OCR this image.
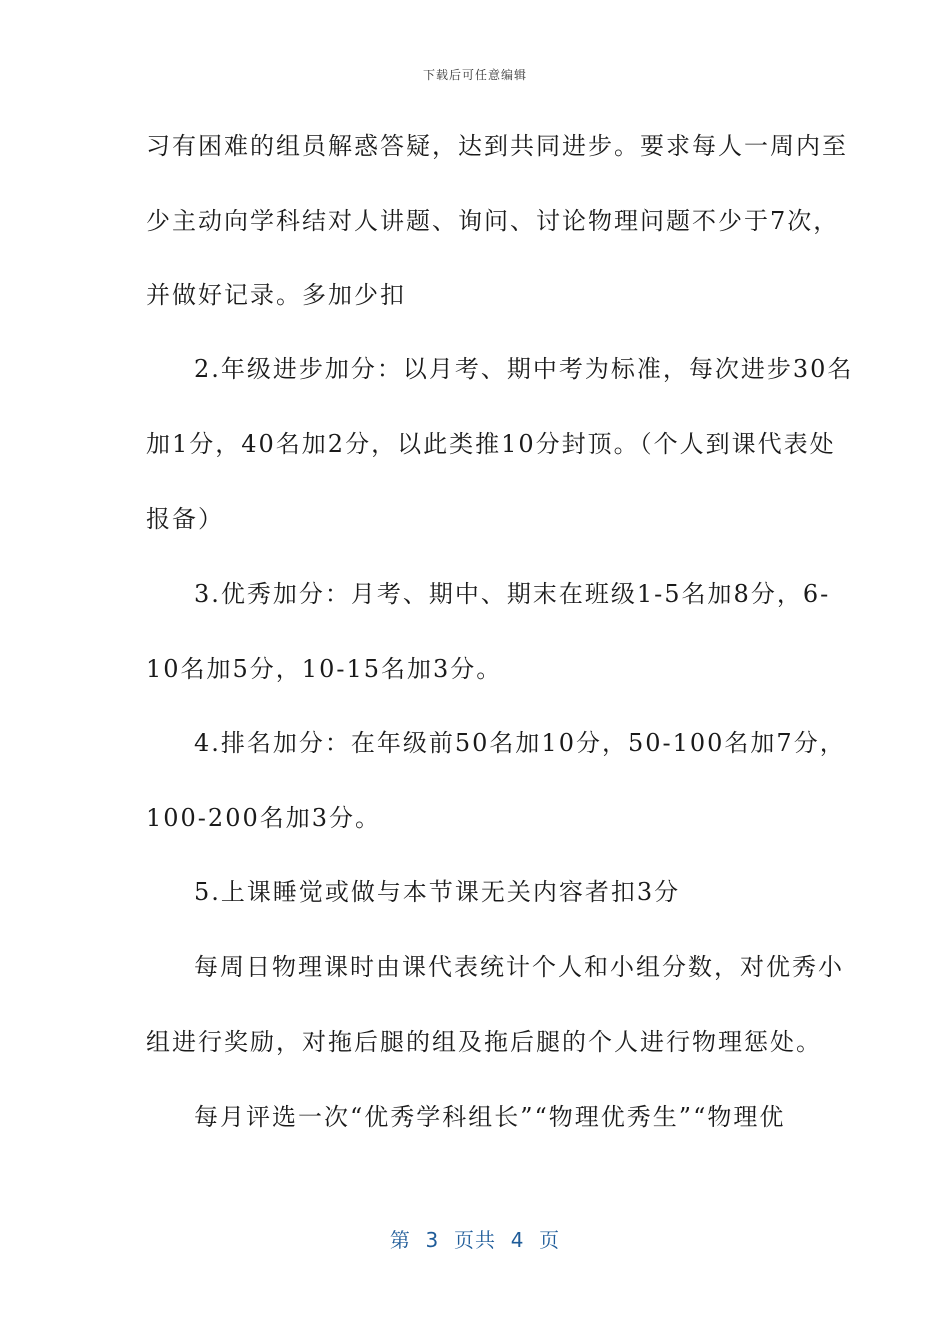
下载后可任意编辑
习有困难的组员解惑答疑，达到共同进步。要求每人一周内至
少主动向学科结对人讲题、询问、讨论物理问题不少于7次，
并做好记录。多加少扣
2.年级进步加分：以月考、期中考为标准，每次进步30名
加1分，40名加2分，以此类推10分封顶。（个人到课代表处
报备）
3.优秀加分：月考、期中、期末在班级1-5名加8分，6-
10名加5分，10-15名加3分。
4.排名加分：在年级前50名加10分，50-100名加7分，
100-200名加3分。
5.上课睡觉或做与本节课无关内容者扣3分
每周日物理课时由课代表统计个人和小组分数，对优秀小
组进行奖励，对拖后腿的组及拖后腿的个人进行物理惩处。
每月评选一次“优秀学科组长”“物理优秀生”“物理优
第  3  页共  4  页
